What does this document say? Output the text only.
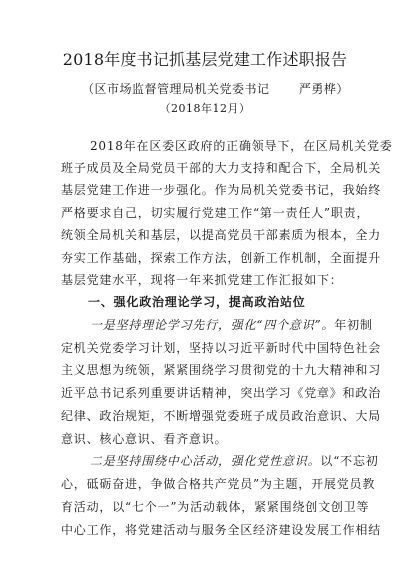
2018年度书记抓基层党建工作述职报告
（区市场监督管理局机关党委书记 　　严勇桦）
（2018年12月）
2018年在区委区政府的正确领导下，在区局机关党委
班子成员及全局党员干部的大力支持和配合下，全局机关
基层党建工作进一步强化。作为局机关党委书记，我始终
严格要求自己，切实履行党建工作“第一责任人”职责，
统领全局机关和基层，以提高党员干部素质为根本，全力
夯实工作基础，探索工作方法，创新工作机制，全面提升
基层党建水平，现将一年来抓党建工作汇报如下：
一、强化政治理论学习，提高政治站位
一是坚持理论学习先行，强化“四个意识”。年初制
定机关党委学习计划，坚持以习近平新时代中国特色社会
主义思想为统领，紧紧围绕学习贯彻党的十九大精神和习
近平总书记系列重要讲话精神，突出学习《党章》和政治
纪律、政治规矩，不断增强党委班子成员政治意识、大局
意识、核心意识、看齐意识。
二是坚持围绕中心活动，强化党性意识。以“不忘初
心，砥砺奋进，争做合格共产党员”为主题，开展党员教
育活动，以“七个一”为活动载体，紧紧围绕创文创卫等
中心工作，将党建活动与服务全区经济建设发展工作相结
